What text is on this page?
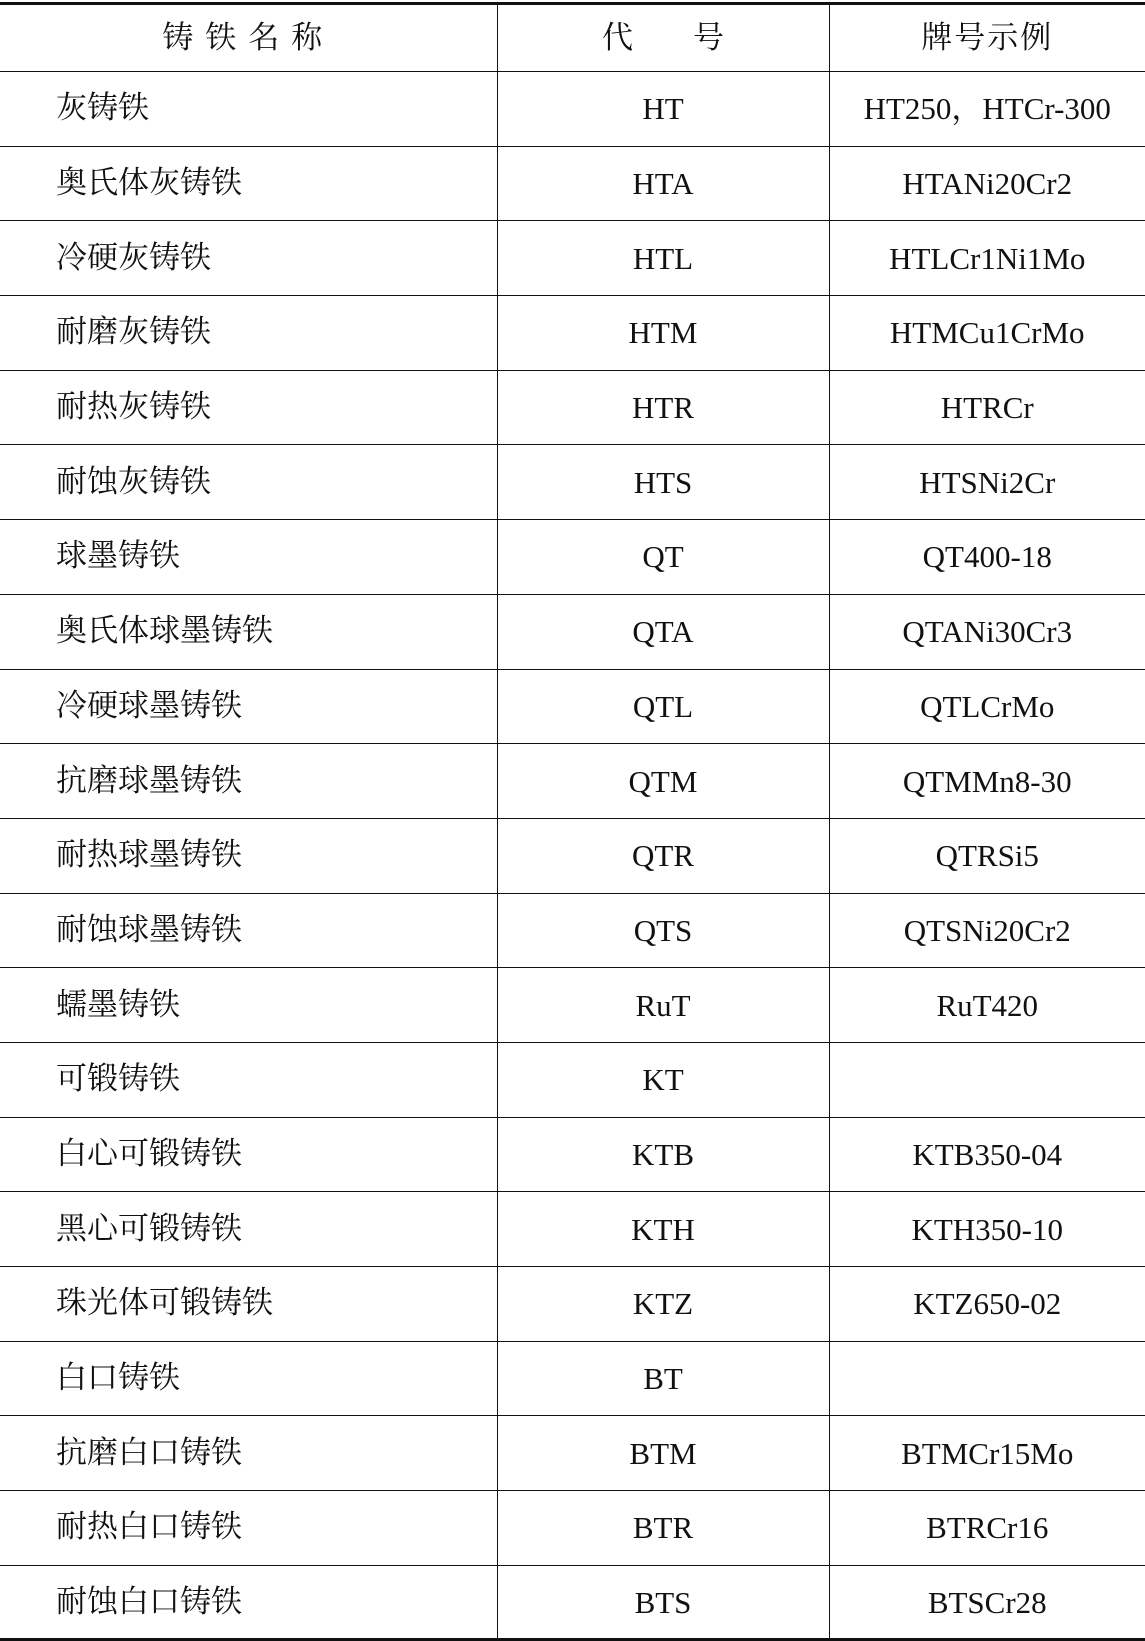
铸铁名称	代号	牌号示例
灰铸铁	HT	HT250，HTCr-300
奥氏体灰铸铁	HTA	HTANi20Cr2
冷硬灰铸铁	HTL	HTLCr1Ni1Mo
耐磨灰铸铁	HTM	HTMCu1CrMo
耐热灰铸铁	HTR	HTRCr
耐蚀灰铸铁	HTS	HTSNi2Cr
球墨铸铁	QT	QT400-18
奥氏体球墨铸铁	QTA	QTANi30Cr3
冷硬球墨铸铁	QTL	QTLCrMo
抗磨球墨铸铁	QTM	QTMMn8-30
耐热球墨铸铁	QTR	QTRSi5
耐蚀球墨铸铁	QTS	QTSNi20Cr2
蠕墨铸铁	RuT	RuT420
可锻铸铁	KT	
白心可锻铸铁	KTB	KTB350-04
黑心可锻铸铁	KTH	KTH350-10
珠光体可锻铸铁	KTZ	KTZ650-02
白口铸铁	BT	
抗磨白口铸铁	BTM	BTMCr15Mo
耐热白口铸铁	BTR	BTRCr16
耐蚀白口铸铁	BTS	BTSCr28
